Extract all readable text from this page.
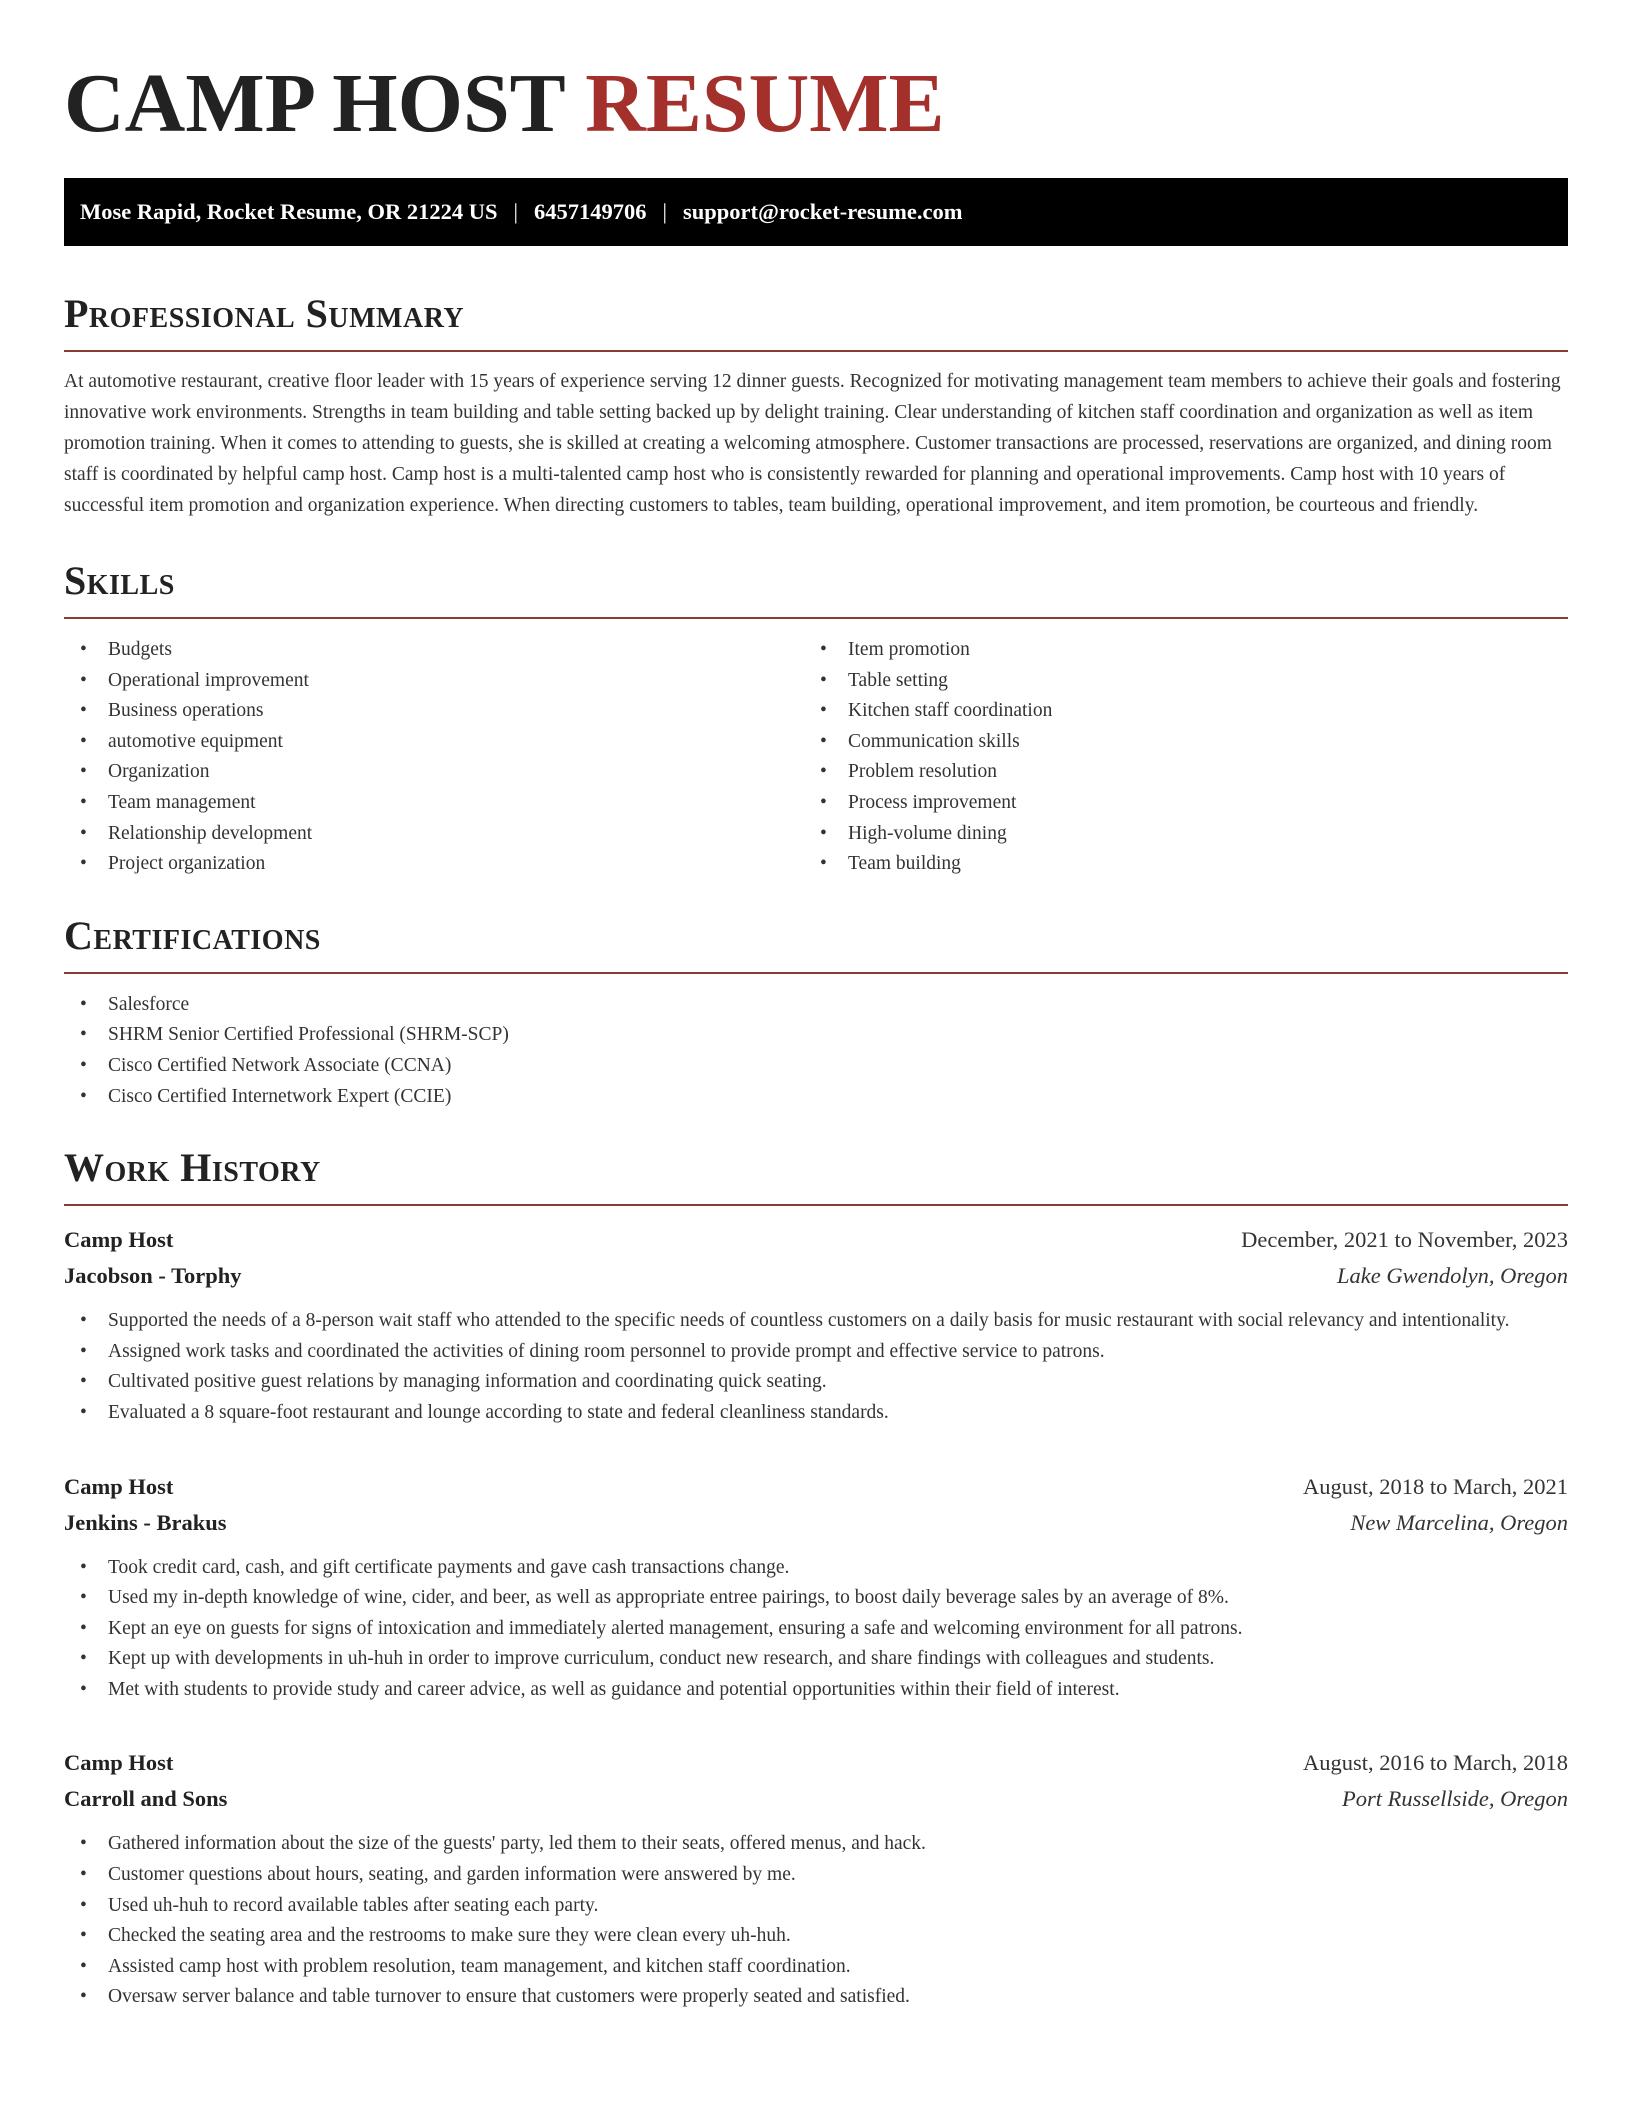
CAMP HOST RESUME
Mose Rapid, Rocket Resume, OR 21224 US | 6457149706 | support@rocket-resume.com
Professional Summary

At automotive restaurant, creative floor leader with 15 years of experience serving 12 dinner guests. Recognized for motivating management team members to achieve their goals and fostering innovative work environments. Strengths in team building and table setting backed up by delight training. Clear understanding of kitchen staff coordination and organization as well as item promotion training. When it comes to attending to guests, she is skilled at creating a welcoming atmosphere. Customer transactions are processed, reservations are organized, and dining room staff is coordinated by helpful camp host. Camp host is a multi-talented camp host who is consistently rewarded for planning and operational improvements. Camp host with 10 years of successful item promotion and organization experience. When directing customers to tables, team building, operational improvement, and item promotion, be courteous and friendly.

Skills
• Budgets
• Operational improvement
• Business operations
• automotive equipment
• Organization
• Team management
• Relationship development
• Project organization
• Item promotion
• Table setting
• Kitchen staff coordination
• Communication skills
• Problem resolution
• Process improvement
• High-volume dining
• Team building
Certifications
• Salesforce
• SHRM Senior Certified Professional (SHRM-SCP)
• Cisco Certified Network Associate (CCNA)
• Cisco Certified Internetwork Expert (CCIE)
Work History
Camp Host	December, 2021 to November, 2023
Jacobson - Torphy	Lake Gwendolyn, Oregon
• Supported the needs of a 8-person wait staff who attended to the specific needs of countless customers on a daily basis for music restaurant with social relevancy and intentionality.
• Assigned work tasks and coordinated the activities of dining room personnel to provide prompt and effective service to patrons.
• Cultivated positive guest relations by managing information and coordinating quick seating.
• Evaluated a 8 square-foot restaurant and lounge according to state and federal cleanliness standards.
Camp Host	August, 2018 to March, 2021
Jenkins - Brakus	New Marcelina, Oregon
• Took credit card, cash, and gift certificate payments and gave cash transactions change.
• Used my in-depth knowledge of wine, cider, and beer, as well as appropriate entree pairings, to boost daily beverage sales by an average of 8%.
• Kept an eye on guests for signs of intoxication and immediately alerted management, ensuring a safe and welcoming environment for all patrons.
• Kept up with developments in uh-huh in order to improve curriculum, conduct new research, and share findings with colleagues and students.
• Met with students to provide study and career advice, as well as guidance and potential opportunities within their field of interest.
Camp Host	August, 2016 to March, 2018
Carroll and Sons	Port Russellside, Oregon
• Gathered information about the size of the guests' party, led them to their seats, offered menus, and hack.
• Customer questions about hours, seating, and garden information were answered by me.
• Used uh-huh to record available tables after seating each party.
• Checked the seating area and the restrooms to make sure they were clean every uh-huh.
• Assisted camp host with problem resolution, team management, and kitchen staff coordination.
• Oversaw server balance and table turnover to ensure that customers were properly seated and satisfied.
